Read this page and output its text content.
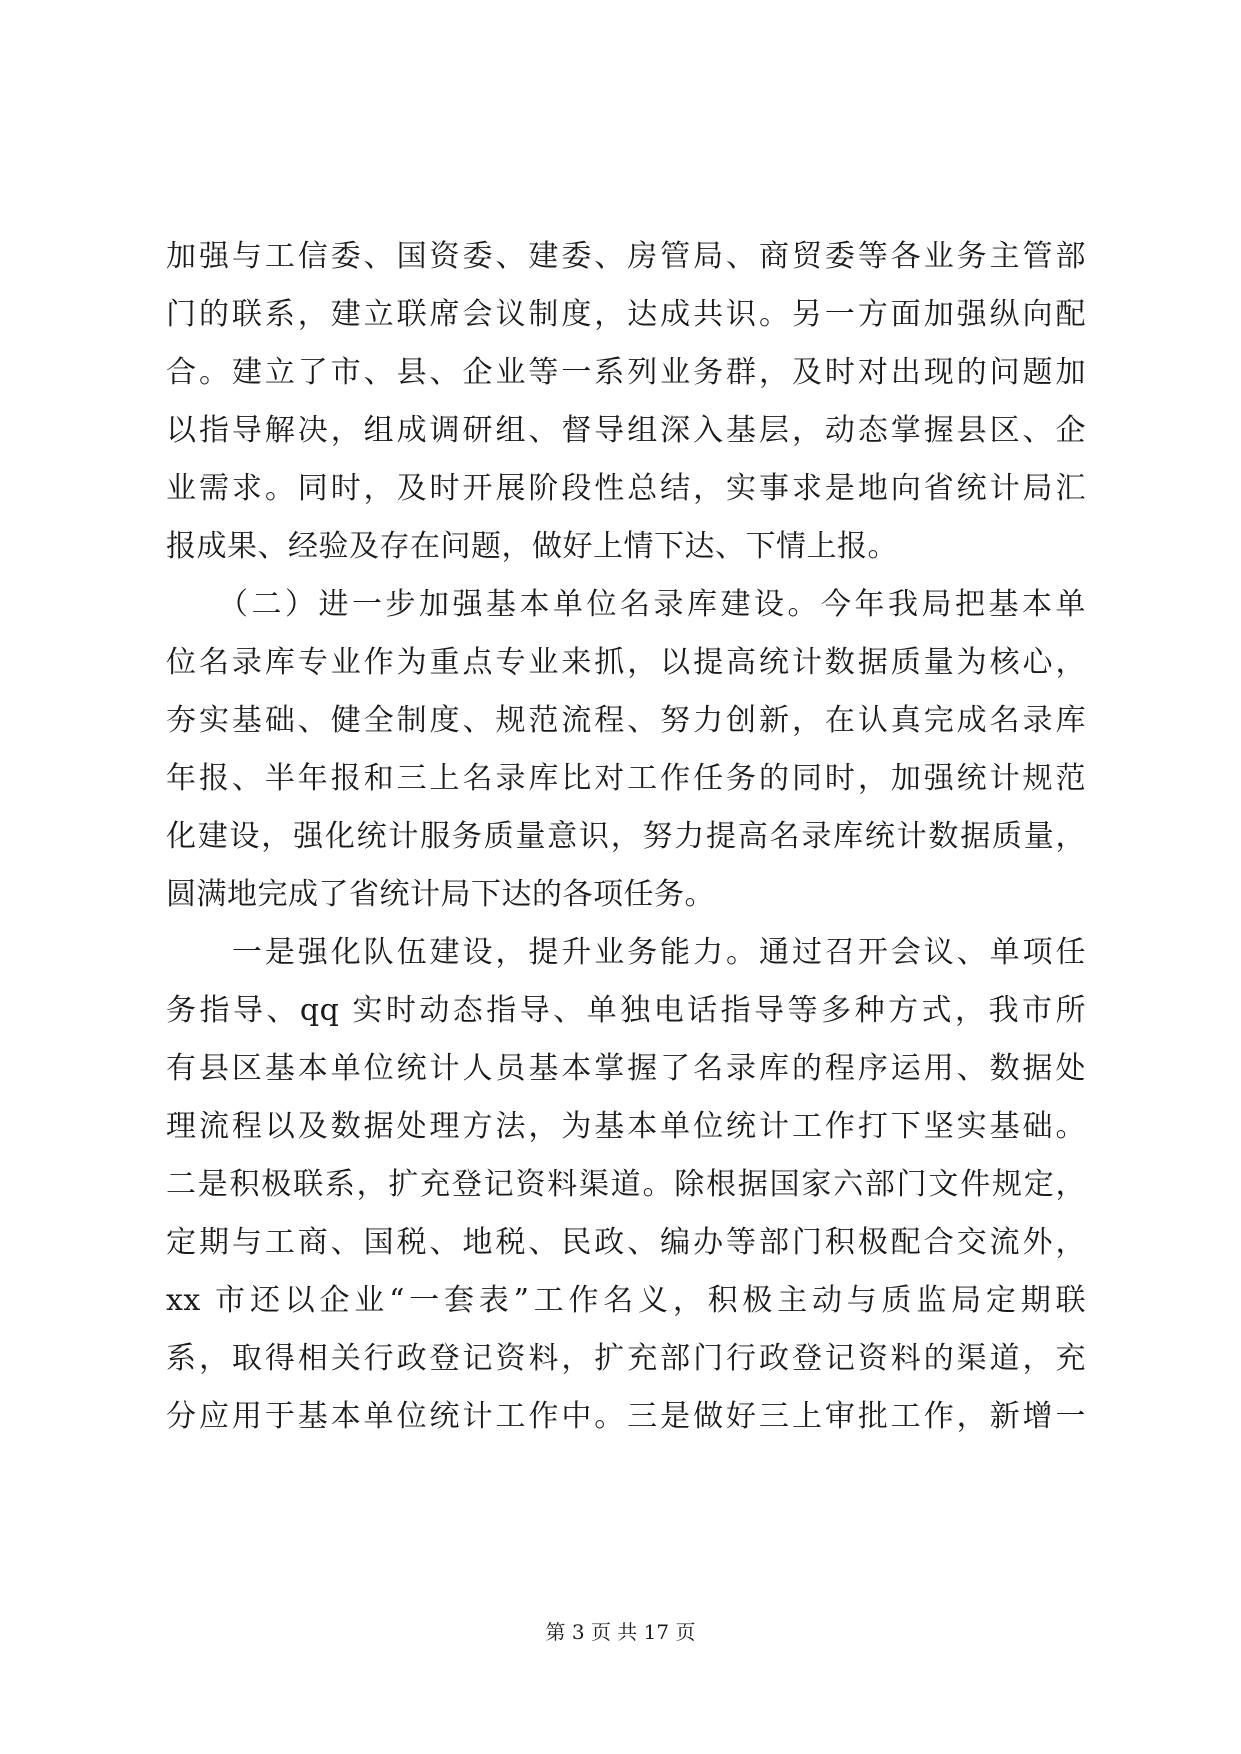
加强与工信委、国资委、建委、房管局、商贸委等各业务主管部
门的联系，建立联席会议制度，达成共识。另一方面加强纵向配
合。建立了市、县、企业等一系列业务群，及时对出现的问题加
以指导解决，组成调研组、督导组深入基层，动态掌握县区、企
业需求。同时，及时开展阶段性总结，实事求是地向省统计局汇
报成果、经验及存在问题，做好上情下达、下情上报。
　　（二）进一步加强基本单位名录库建设。今年我局把基本单
位名录库专业作为重点专业来抓，以提高统计数据质量为核心，
夯实基础、健全制度、规范流程、努力创新，在认真完成名录库
年报、半年报和三上名录库比对工作任务的同时，加强统计规范
化建设，强化统计服务质量意识，努力提高名录库统计数据质量，
圆满地完成了省统计局下达的各项任务。
　　一是强化队伍建设，提升业务能力。通过召开会议、单项任
务指导、qq 实时动态指导、单独电话指导等多种方式，我市所
有县区基本单位统计人员基本掌握了名录库的程序运用、数据处
理流程以及数据处理方法，为基本单位统计工作打下坚实基础。
二是积极联系，扩充登记资料渠道。除根据国家六部门文件规定，
定期与工商、国税、地税、民政、编办等部门积极配合交流外，
xx 市还以企业“一套表”工作名义，积极主动与质监局定期联
系，取得相关行政登记资料，扩充部门行政登记资料的渠道，充
分应用于基本单位统计工作中。三是做好三上审批工作，新增一
第 3 页 共 17 页
